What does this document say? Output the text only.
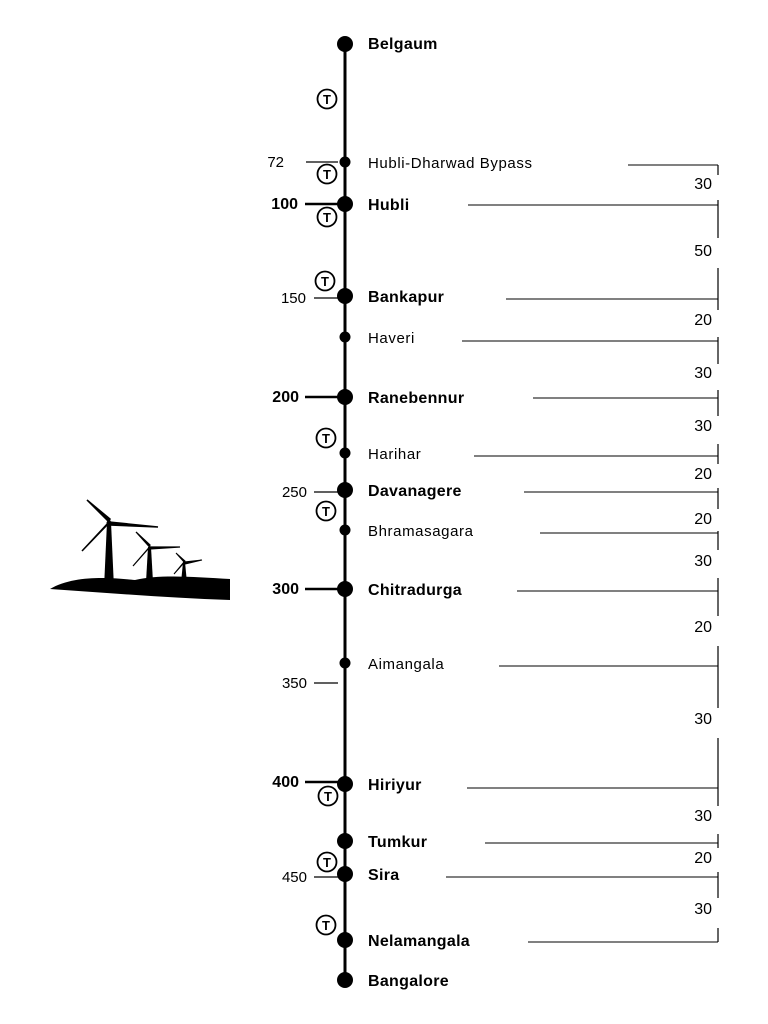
72
100
150
200
250
300
350
400
450
30
50
20
30
30
20
20
30
20
30
30
20
30
T
T
T
T
T
T
T
T
T
Belgaum
Hubli-Dharwad Bypass
Hubli
Bankapur
Haveri
Ranebennur
Harihar
Davanagere
Bhramasagara
Chitradurga
Aimangala
Hiriyur
Tumkur
Sira
Nelamangala
Bangalore
